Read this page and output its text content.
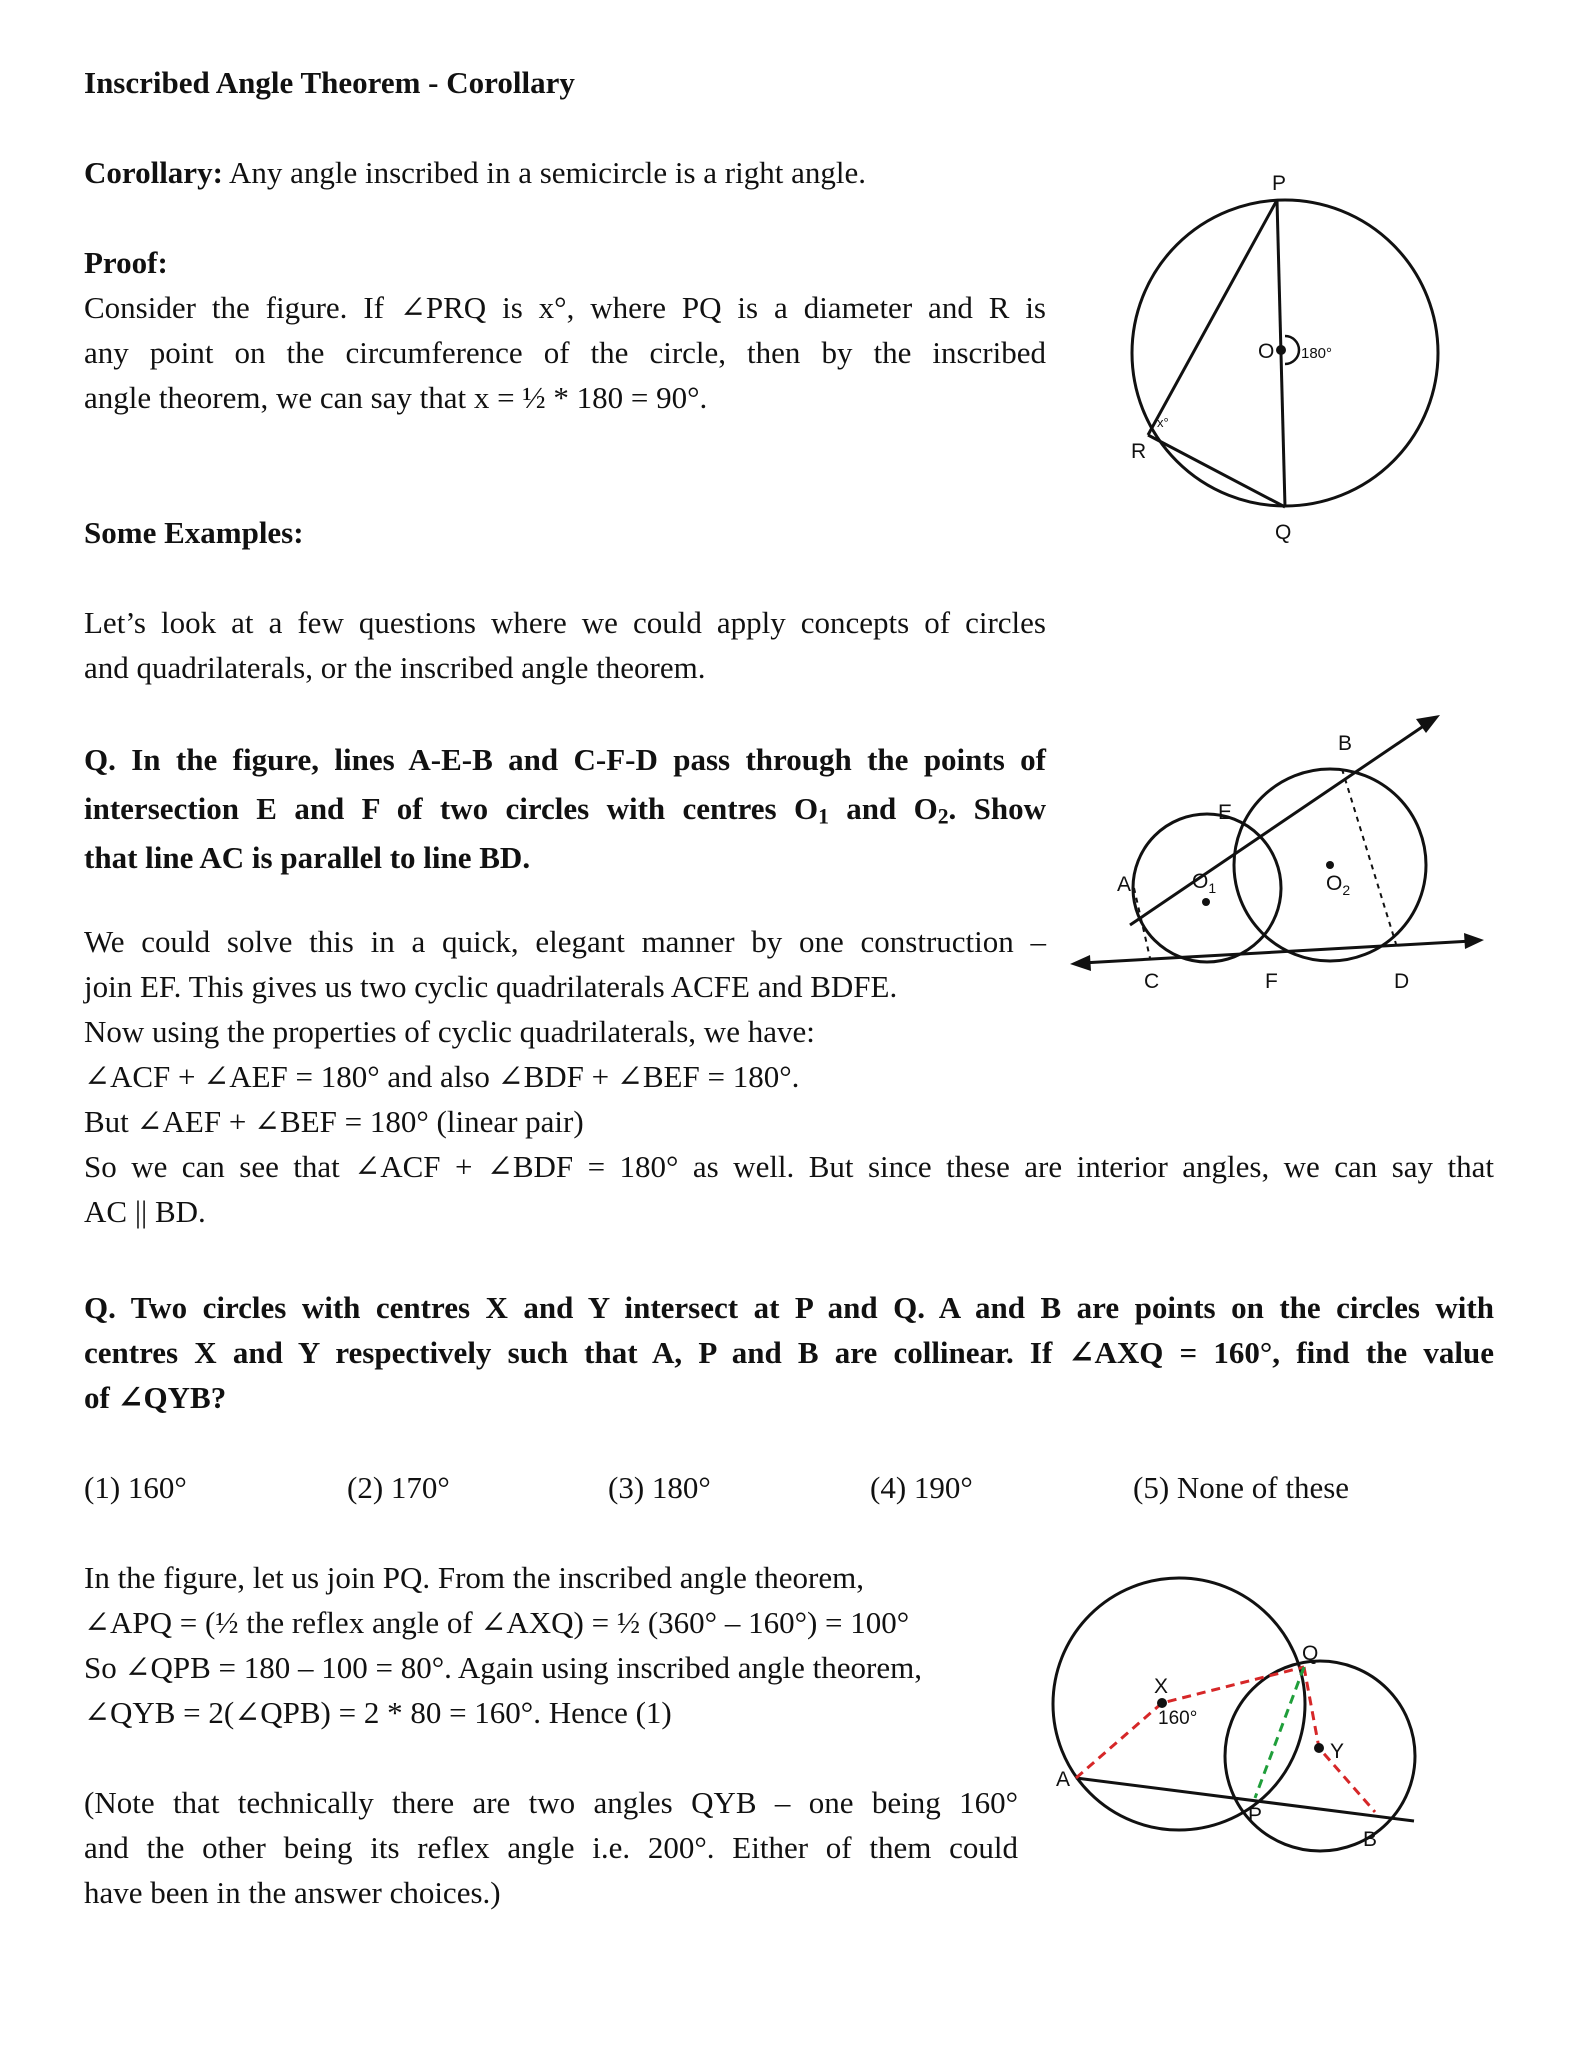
Inscribed Angle Theorem - Corollary
Corollary: Any angle inscribed in a semicircle is a right angle.
Proof:
Consider the figure. If ∠PRQ is x°, where PQ is a diameter and R is
any point on the circumference of the circle, then by the inscribed
angle theorem, we can say that x = ½ * 180 = 90°.
P
Q
R
O 180°
x°
Some Examples:
Let’s look at a few questions where we could apply concepts of circles
and quadrilaterals, or the inscribed angle theorem.
Q. In the figure, lines A-E-B and C-F-D pass through the points of
intersection E and F of two circles with centres $O_1$ and $O_2$. Show
that line AC is parallel to line BD.
A
B
C	D
E
F
$O_1$	$O_2$
We could solve this in a quick, elegant manner by one construction –
join EF. This gives us two cyclic quadrilaterals ACFE and BDFE.
Now using the properties of cyclic quadrilaterals, we have:
∠ACF + ∠AEF = 180° and also ∠BDF + ∠BEF = 180°.
But ∠AEF + ∠BEF = 180° (linear pair)
So we can see that ∠ACF + ∠BDF = 180° as well. But since these are interior angles, we can say that
AC || BD.
Q. Two circles with centres X and Y intersect at P and Q. A and B are points on the circles with
centres X and Y respectively such that A, P and B are collinear. If ∠AXQ = 160°, find the value
of ∠QYB?
(1) 160°	(2) 170°	(3) 180°	(4) 190°	(5) None of these
In the figure, let us join PQ. From the inscribed angle theorem,
∠APQ = (½ the reflex angle of ∠AXQ) = ½ (360° – 160°) = 100°
So ∠QPB = 180 – 100 = 80°. Again using inscribed angle theorem,
∠QYB = 2(∠QPB) = 2 * 80 = 160°. Hence (1)
(Note that technically there are two angles QYB – one being 160°
and the other being its reflex angle i.e. 200°. Either of them could
have been in the answer choices.)
A
B
P
Q
X
Y
160°
